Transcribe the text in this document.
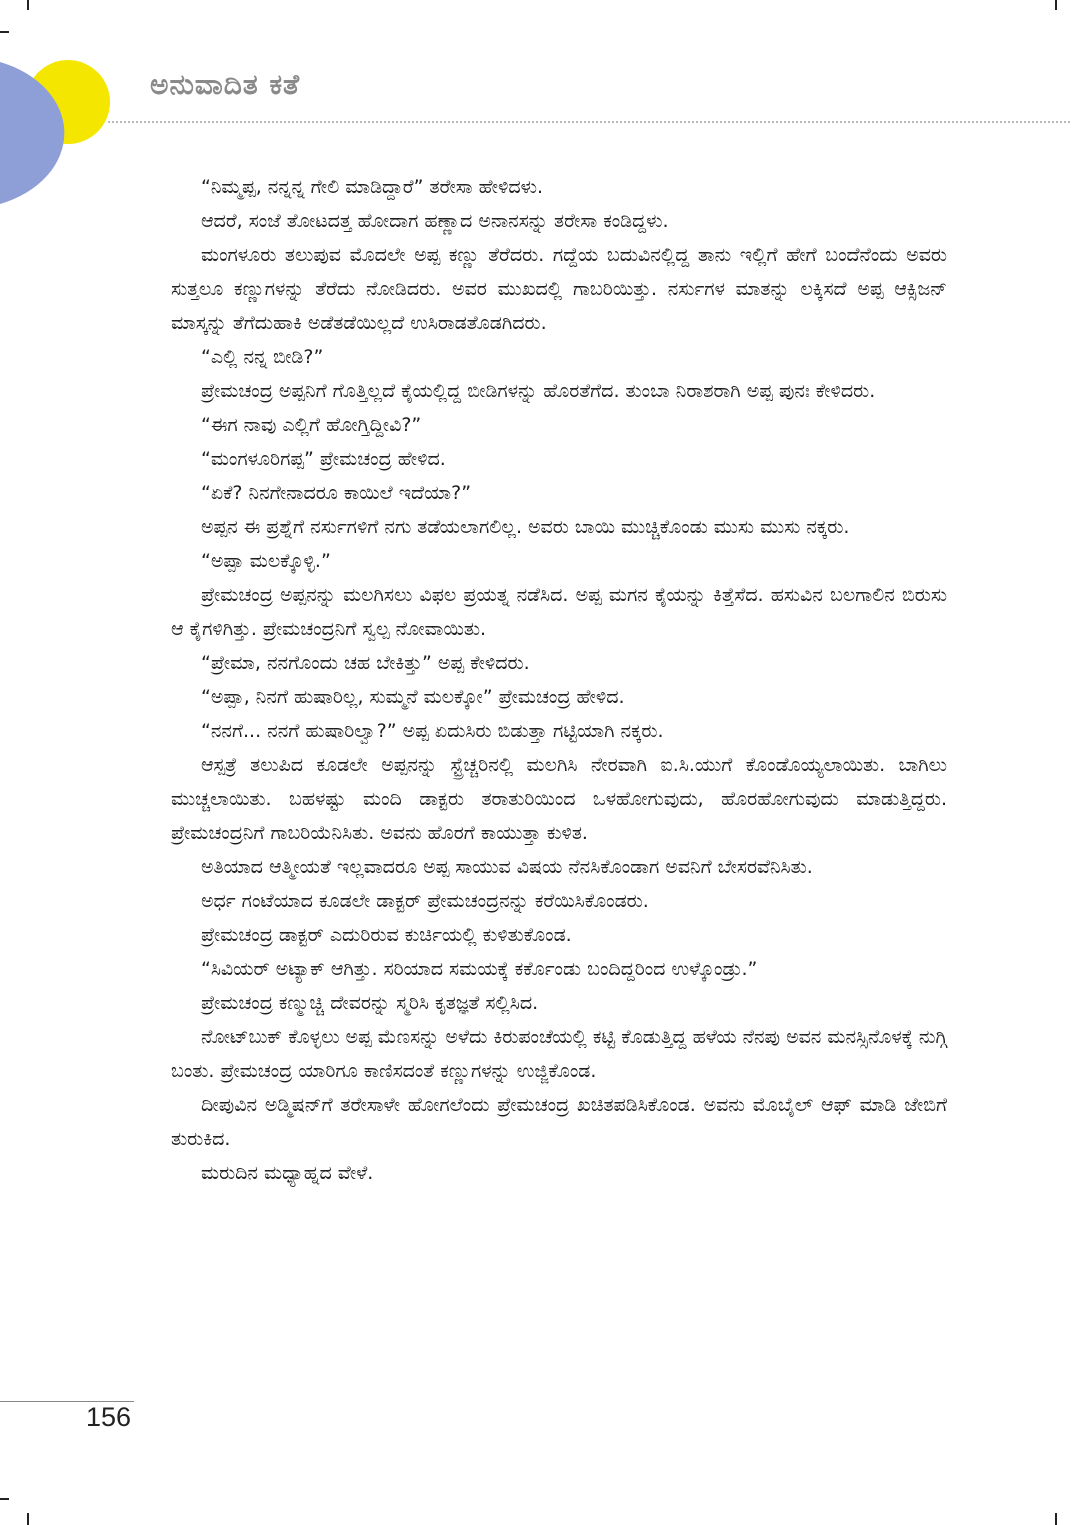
ಅನುವಾದಿತ ಕತೆ

“ನಿಮ್ಮಪ್ಪ, ನನ್ನನ್ನ ಗೇಲಿ ಮಾಡಿದ್ದಾರೆ” ತರೇಸಾ ಹೇಳಿದಳು.

ಆದರೆ, ಸಂಜೆ ತೋಟದತ್ತ ಹೋದಾಗ ಹಣ್ಣಾದ ಅನಾನಸನ್ನು ತರೇಸಾ ಕಂಡಿದ್ದಳು.

ಮಂಗಳೂರು ತಲುಪುವ ಮೊದಲೇ ಅಪ್ಪ ಕಣ್ಣು ತೆರೆದರು. ಗದ್ದೆಯ ಬದುವಿನಲ್ಲಿದ್ದ ತಾನು ಇಲ್ಲಿಗೆ ಹೇಗೆ ಬಂದೆನೆಂದು ಅವರು ಸುತ್ತಲೂ ಕಣ್ಣುಗಳನ್ನು ತೆರೆದು ನೋಡಿದರು. ಅವರ ಮುಖದಲ್ಲಿ ಗಾಬರಿಯಿತ್ತು. ನರ್ಸುಗಳ ಮಾತನ್ನು ಲಕ್ಕಿಸದೆ ಅಪ್ಪ ಆಕ್ಸಿಜನ್ ಮಾಸ್ಕನ್ನು ತೆಗೆದುಹಾಕಿ ಅಡೆತಡೆಯಿಲ್ಲದೆ ಉಸಿರಾಡತೊಡಗಿದರು.

“ಎಲ್ಲಿ ನನ್ನ ಬೀಡಿ?”

ಪ್ರೇಮಚಂದ್ರ ಅಪ್ಪನಿಗೆ ಗೊತ್ತಿಲ್ಲದೆ ಕೈಯಲ್ಲಿದ್ದ ಬೀಡಿಗಳನ್ನು ಹೊರತೆಗೆದ. ತುಂಬಾ ನಿರಾಶರಾಗಿ ಅಪ್ಪ ಪುನಃ ಕೇಳಿದರು.

“ಈಗ ನಾವು ಎಲ್ಲಿಗೆ ಹೋಗ್ತಿದ್ದೀವಿ?”

“ಮಂಗಳೂರಿಗಪ್ಪ” ಪ್ರೇಮಚಂದ್ರ ಹೇಳಿದ.

“ಏಕೆ? ನಿನಗೇನಾದರೂ ಕಾಯಿಲೆ ಇದೆಯಾ?”

ಅಪ್ಪನ ಈ ಪ್ರಶ್ನೆಗೆ ನರ್ಸುಗಳಿಗೆ ನಗು ತಡೆಯಲಾಗಲಿಲ್ಲ. ಅವರು ಬಾಯಿ ಮುಚ್ಚಿಕೊಂಡು ಮುಸು ಮುಸು ನಕ್ಕರು.

“ಅಪ್ಪಾ ಮಲಕ್ಕೊಳ್ಳಿ.”

ಪ್ರೇಮಚಂದ್ರ ಅಪ್ಪನನ್ನು ಮಲಗಿಸಲು ವಿಫಲ ಪ್ರಯತ್ನ ನಡೆಸಿದ. ಅಪ್ಪ ಮಗನ ಕೈಯನ್ನು ಕಿತ್ತೆಸೆದ. ಹಸುವಿನ ಬಲಗಾಲಿನ ಬಿರುಸು ಆ ಕೈಗಳಿಗಿತ್ತು. ಪ್ರೇಮಚಂದ್ರನಿಗೆ ಸ್ವಲ್ಪ ನೋವಾಯಿತು.

“ಪ್ರೇಮಾ, ನನಗೊಂದು ಚಹ ಬೇಕಿತ್ತು” ಅಪ್ಪ ಕೇಳಿದರು.

“ಅಪ್ಪಾ, ನಿನಗೆ ಹುಷಾರಿಲ್ಲ, ಸುಮ್ಮನೆ ಮಲಕ್ಕೋ” ಪ್ರೇಮಚಂದ್ರ ಹೇಳಿದ.

“ನನಗೆ... ನನಗೆ ಹುಷಾರಿಲ್ವಾ?” ಅಪ್ಪ ಏದುಸಿರು ಬಿಡುತ್ತಾ ಗಟ್ಟಿಯಾಗಿ ನಕ್ಕರು.

ಆಸ್ಪತ್ರೆ ತಲುಪಿದ ಕೂಡಲೇ ಅಪ್ಪನನ್ನು ಸ್ಟ್ರೆಚ್ಚರಿನಲ್ಲಿ ಮಲಗಿಸಿ ನೇರವಾಗಿ ಐ.ಸಿ.ಯುಗೆ ಕೊಂಡೊಯ್ಯಲಾಯಿತು. ಬಾಗಿಲು ಮುಚ್ಚಲಾಯಿತು. ಬಹಳಷ್ಟು ಮಂದಿ ಡಾಕ್ಟರು ತರಾತುರಿಯಿಂದ ಒಳಹೋಗುವುದು, ಹೊರಹೋಗುವುದು ಮಾಡುತ್ತಿದ್ದರು. ಪ್ರೇಮಚಂದ್ರನಿಗೆ ಗಾಬರಿಯೆನಿಸಿತು. ಅವನು ಹೊರಗೆ ಕಾಯುತ್ತಾ ಕುಳಿತ.

ಅತಿಯಾದ ಆತ್ಮೀಯತೆ ಇಲ್ಲವಾದರೂ ಅಪ್ಪ ಸಾಯುವ ವಿಷಯ ನೆನಸಿಕೊಂಡಾಗ ಅವನಿಗೆ ಬೇಸರವೆನಿಸಿತು.

ಅರ್ಧ ಗಂಟೆಯಾದ ಕೂಡಲೇ ಡಾಕ್ಟರ್ ಪ್ರೇಮಚಂದ್ರನನ್ನು ಕರೆಯಿಸಿಕೊಂಡರು.

ಪ್ರೇಮಚಂದ್ರ ಡಾಕ್ಟರ್ ಎದುರಿರುವ ಕುರ್ಚಿಯಲ್ಲಿ ಕುಳಿತುಕೊಂಡ.

“ಸಿವಿಯರ್ ಅಟ್ಯಾಕ್ ಆಗಿತ್ತು. ಸರಿಯಾದ ಸಮಯಕ್ಕೆ ಕರ್ಕೊಂಡು ಬಂದಿದ್ದರಿಂದ ಉಳ್ಕೊಂಡ್ರು.”

ಪ್ರೇಮಚಂದ್ರ ಕಣ್ಮುಚ್ಚಿ ದೇವರನ್ನು ಸ್ಮರಿಸಿ ಕೃತಜ್ಞತೆ ಸಲ್ಲಿಸಿದ.

ನೋಟ್‌ಬುಕ್ ಕೊಳ್ಳಲು ಅಪ್ಪ ಮೆಣಸನ್ನು ಅಳೆದು ಕಿರುಪಂಚೆಯಲ್ಲಿ ಕಟ್ಟಿ ಕೊಡುತ್ತಿದ್ದ ಹಳೆಯ ನೆನಪು ಅವನ ಮನಸ್ಸಿನೊಳಕ್ಕೆ ನುಗ್ಗಿ ಬಂತು. ಪ್ರೇಮಚಂದ್ರ ಯಾರಿಗೂ ಕಾಣಿಸದಂತೆ ಕಣ್ಣುಗಳನ್ನು ಉಜ್ಜಿಕೊಂಡ.

ದೀಪುವಿನ ಅಡ್ಮಿಷನ್‌ಗೆ ತರೇಸಾಳೇ ಹೋಗಲೆಂದು ಪ್ರೇಮಚಂದ್ರ ಖಚಿತಪಡಿಸಿಕೊಂಡ. ಅವನು ಮೊಬೈಲ್ ಆಫ್ ಮಾಡಿ ಜೇಬಿಗೆ ತುರುಕಿದ.

ಮರುದಿನ ಮಧ್ಯಾಹ್ನದ ವೇಳೆ.

156
